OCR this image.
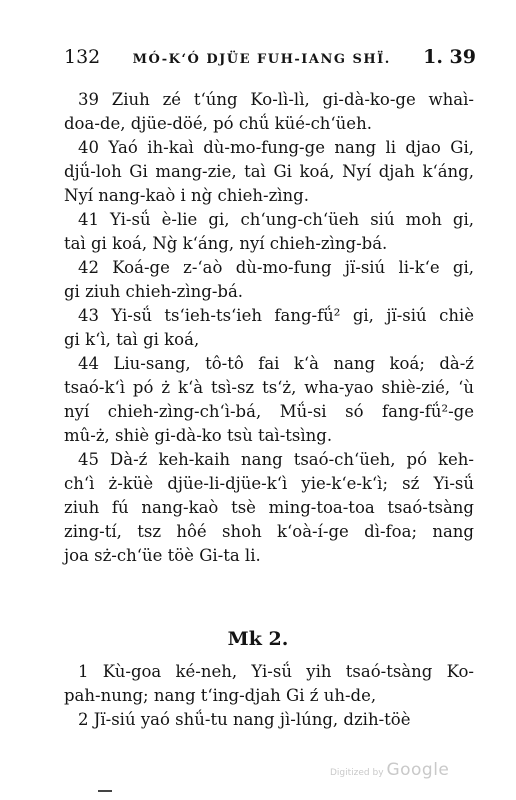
132 MÓ-K‘Ó DJÜE FUH-IANG SHÏ. 1. 39
39 Ziuh zé t‘úng Ko-lì-lì, gi-dà-ko-ge whaì-
doa-de, djüe-döé, pó chǘ küé-ch‘üeh.
40 Yaó ih-kaì dù-mo-fung-ge nang li djao Gi,
djǘ-loh Gi mang-zie, taì Gi koá, Nyí djah k‘áng,
Nyí nang-kaò i ng̀ chieh-zìng.
41 Yi-sǘ è-lie gi, ch‘ung-ch‘üeh siú moh gi,
taì gi koá, Ng̀ k‘áng, nyí chieh-zìng-bá.
42 Koá-ge z-‘aò dù-mo-fung jï-siú li-k‘e gi,
gi ziuh chieh-zìng-bá.
43 Yi-sǘ ts‘ieh-ts‘ieh fang-fǘ² gi, jï-siú chiè
gi k‘ì, taì gi koá,
44 Liu-sang, tô-tô fai k‘à nang koá; dà-ź
tsaó-k‘ì pó ż k‘à tsì-sz ts‘ż, wha-yao shiè-zié, ‘ù
nyí chieh-zìng-ch‘ì-bá, Mǘ-si só fang-fǘ²-ge
mû-ż, shiè gi-dà-ko tsù taì-tsìng.
45 Dà-ź keh-kaih nang tsaó-ch‘üeh, pó keh-
ch‘ì ż-küè djüe-li-djüe-k‘ì yie-k‘e-k‘ì; sź Yi-sǘ
ziuh fú nang-kaò tsè ming-toa-toa tsaó-tsàng
zing-tí, tsz hôé shoh k‘oà-í-ge dì-foa; nang
joa sż-ch‘üe töè Gi-ta li.
Mk 2.
1 Kù-goa ké-neh, Yi-sǘ yih tsaó-tsàng Ko-
pah-nung; nang t‘ing-djah Gi ź uh-de,
2 Jï-siú yaó shǘ-tu nang jì-lúng, dzih-töè
Digitized by Google
